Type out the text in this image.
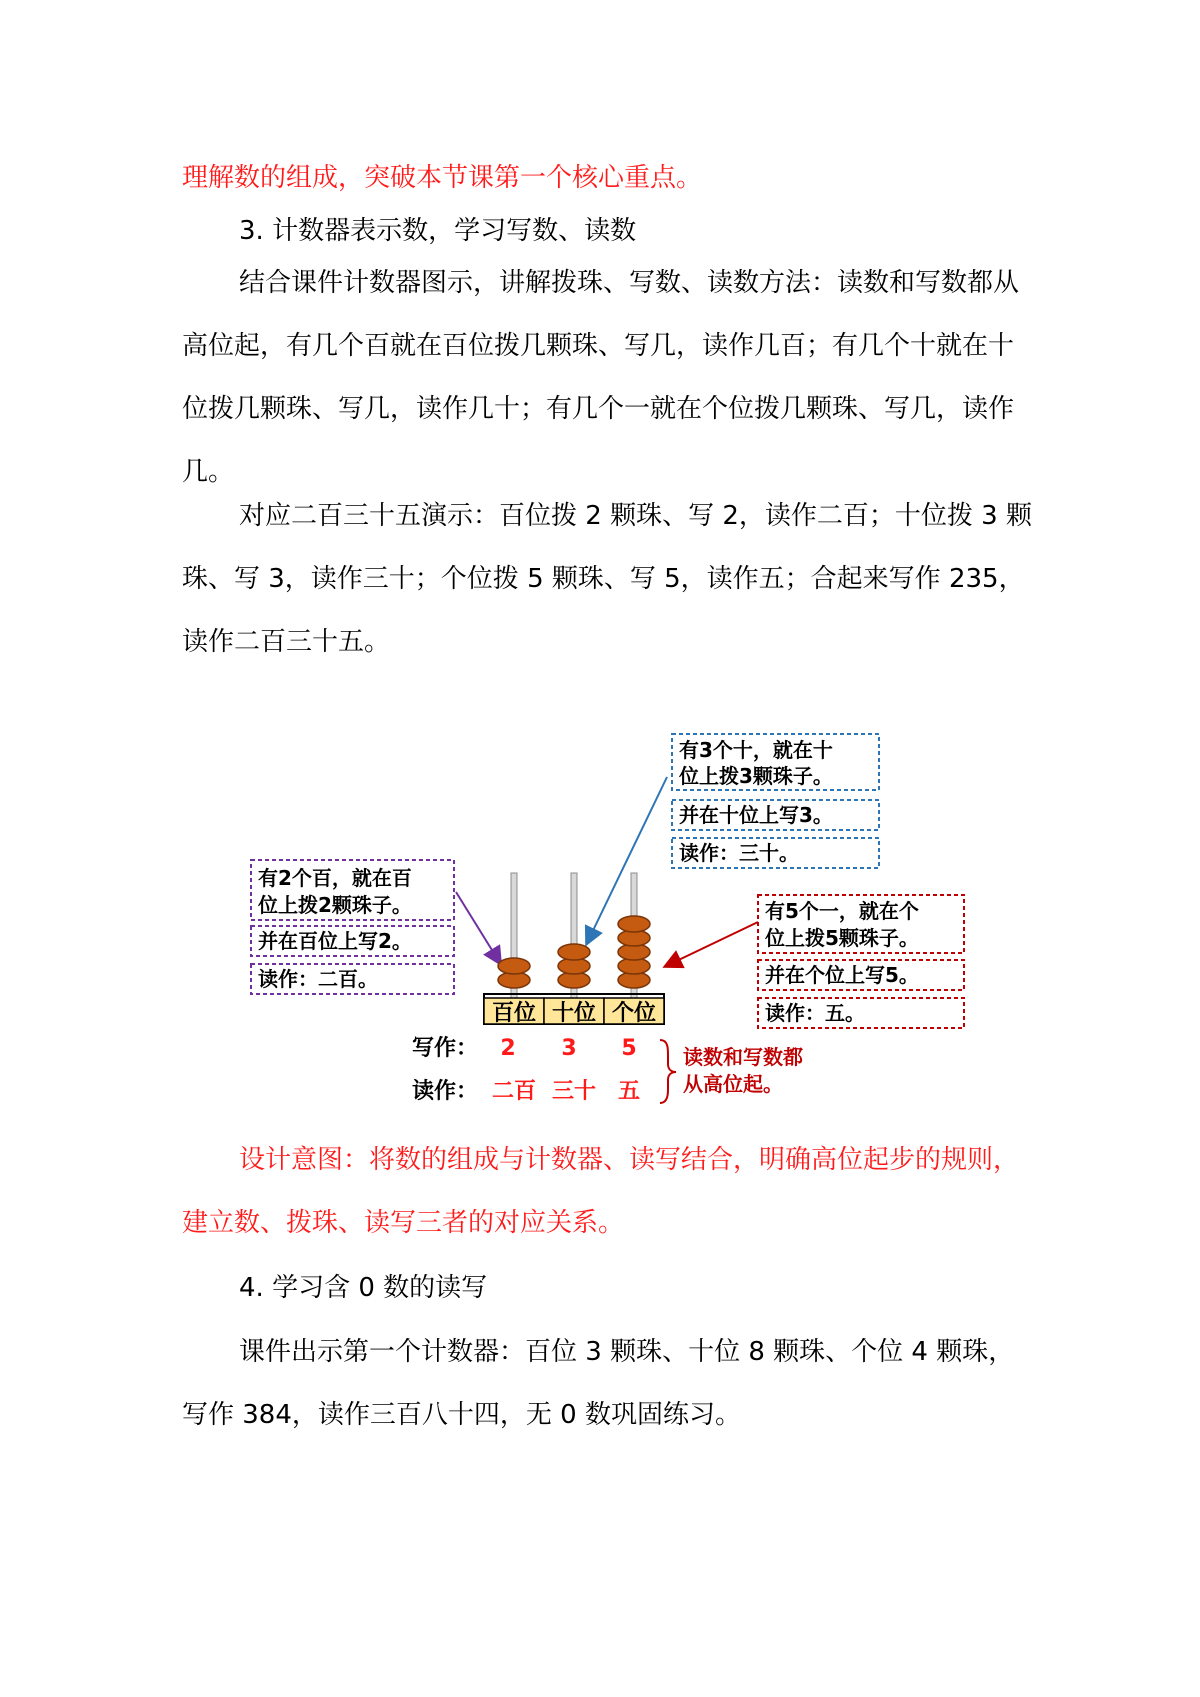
理解数的组成，突破本节课第一个核心重点。

3. 计数器表示数，学习写数、读数

结合课件计数器图示，讲解拨珠、写数、读数方法：读数和写数都从高位起，有几个百就在百位拨几颗珠、写几，读作几百；有几个十就在十位拨几颗珠、写几，读作几十；有几个一就在个位拨几颗珠、写几，读作几。

对应二百三十五演示：百位拨 2 颗珠、写 2，读作二百；十位拨 3 颗珠、写 3，读作三十；个位拨 5 颗珠、写 5，读作五；合起来写作 235，读作二百三十五。

有2个百，就在百
位上拨2颗珠子。
并在百位上写2。
读作：二百。
有3个十，就在十
位上拨3颗珠子。
并在十位上写3。
读作：三十。
有5个一，就在个
位上拨5颗珠子。
并在个位上写5。
读作：五。
百位 十位 个位
写作： 2 3 5
读作： 二百 三十 五
读数和写数都
从高位起。

设计意图：将数的组成与计数器、读写结合，明确高位起步的规则，建立数、拨珠、读写三者的对应关系。

4. 学习含 0 数的读写

课件出示第一个计数器：百位 3 颗珠、十位 8 颗珠、个位 4 颗珠，写作 384，读作三百八十四，无 0 数巩固练习。
